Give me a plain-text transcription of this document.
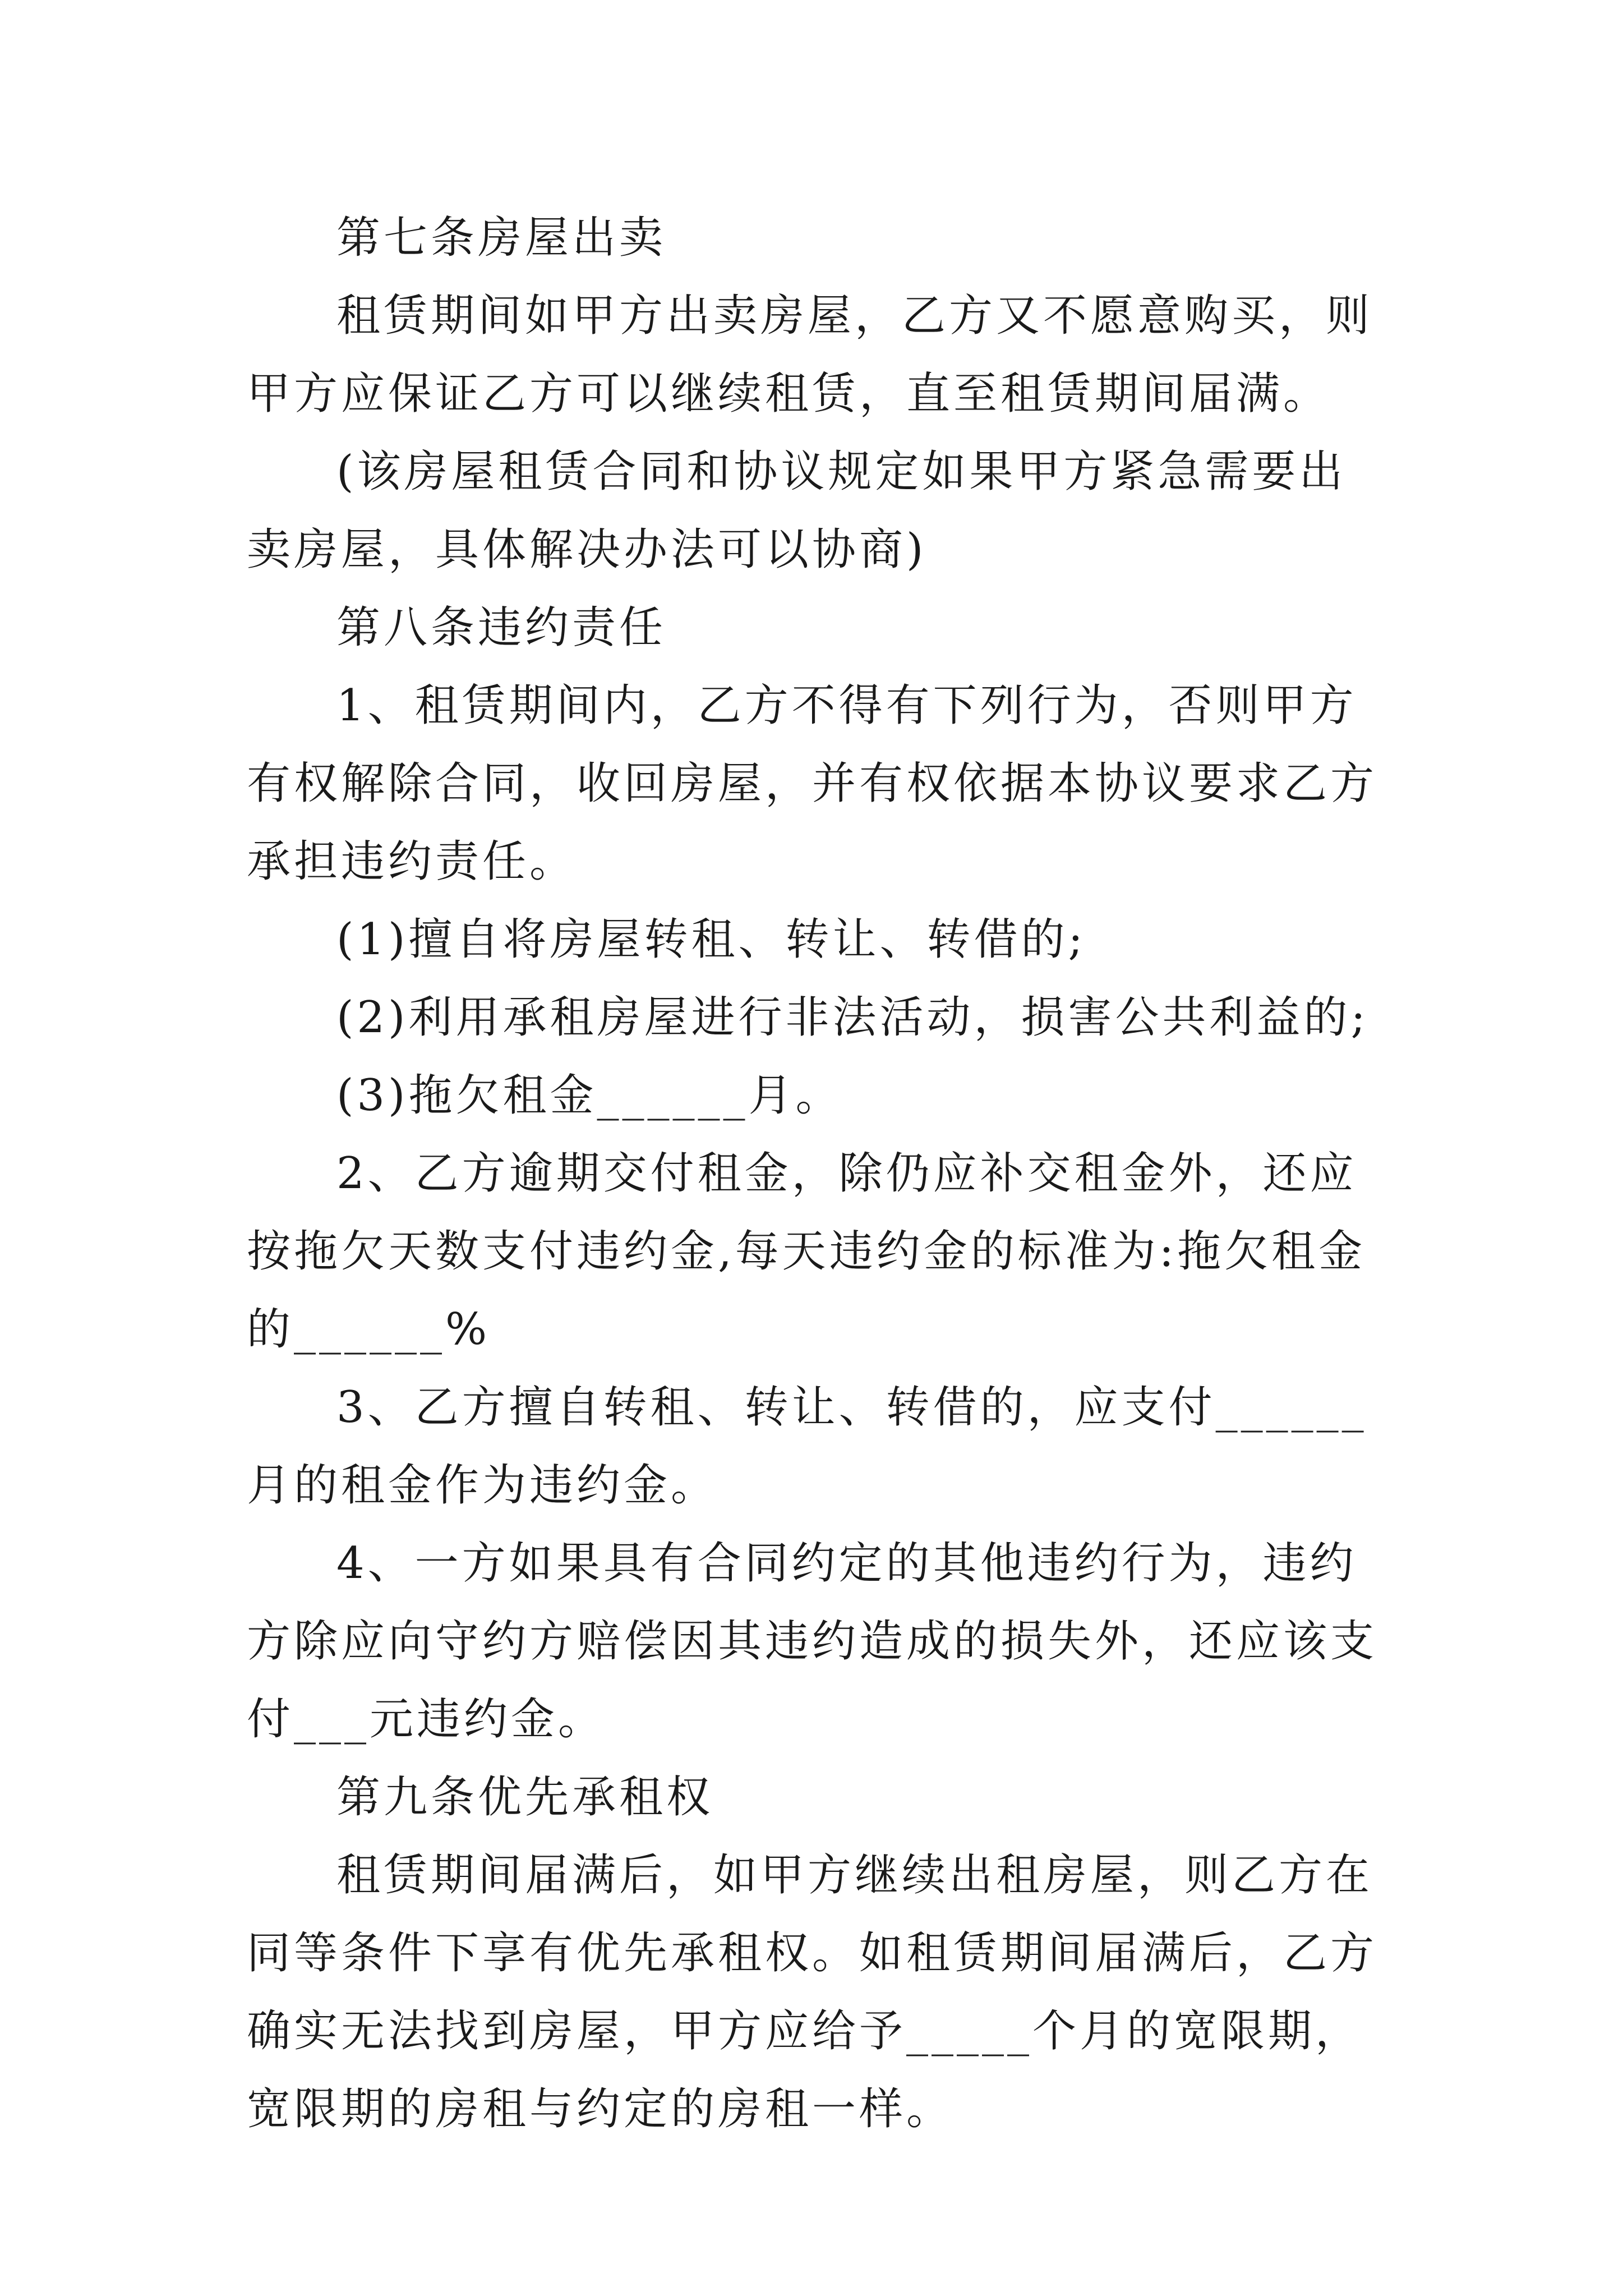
第七条房屋出卖

租赁期间如甲方出卖房屋，乙方又不愿意购买，则甲方应保证乙方可以继续租赁，直至租赁期间届满。

(该房屋租赁合同和协议规定如果甲方紧急需要出卖房屋，具体解决办法可以协商)

第八条违约责任

1、租赁期间内，乙方不得有下列行为，否则甲方有权解除合同，收回房屋，并有权依据本协议要求乙方承担违约责任。

(1)擅自将房屋转租、转让、转借的;

(2)利用承租房屋进行非法活动，损害公共利益的;

(3)拖欠租金______月。

2、乙方逾期交付租金，除仍应补交租金外，还应按拖欠天数支付违约金,每天违约金的标准为:拖欠租金的______%

3、乙方擅自转租、转让、转借的，应支付______月的租金作为违约金。

4、一方如果具有合同约定的其他违约行为，违约方除应向守约方赔偿因其违约造成的损失外，还应该支付___元违约金。

第九条优先承租权

租赁期间届满后，如甲方继续出租房屋，则乙方在同等条件下享有优先承租权。如租赁期间届满后，乙方确实无法找到房屋，甲方应给予_____个月的宽限期，宽限期的房租与约定的房租一样。
